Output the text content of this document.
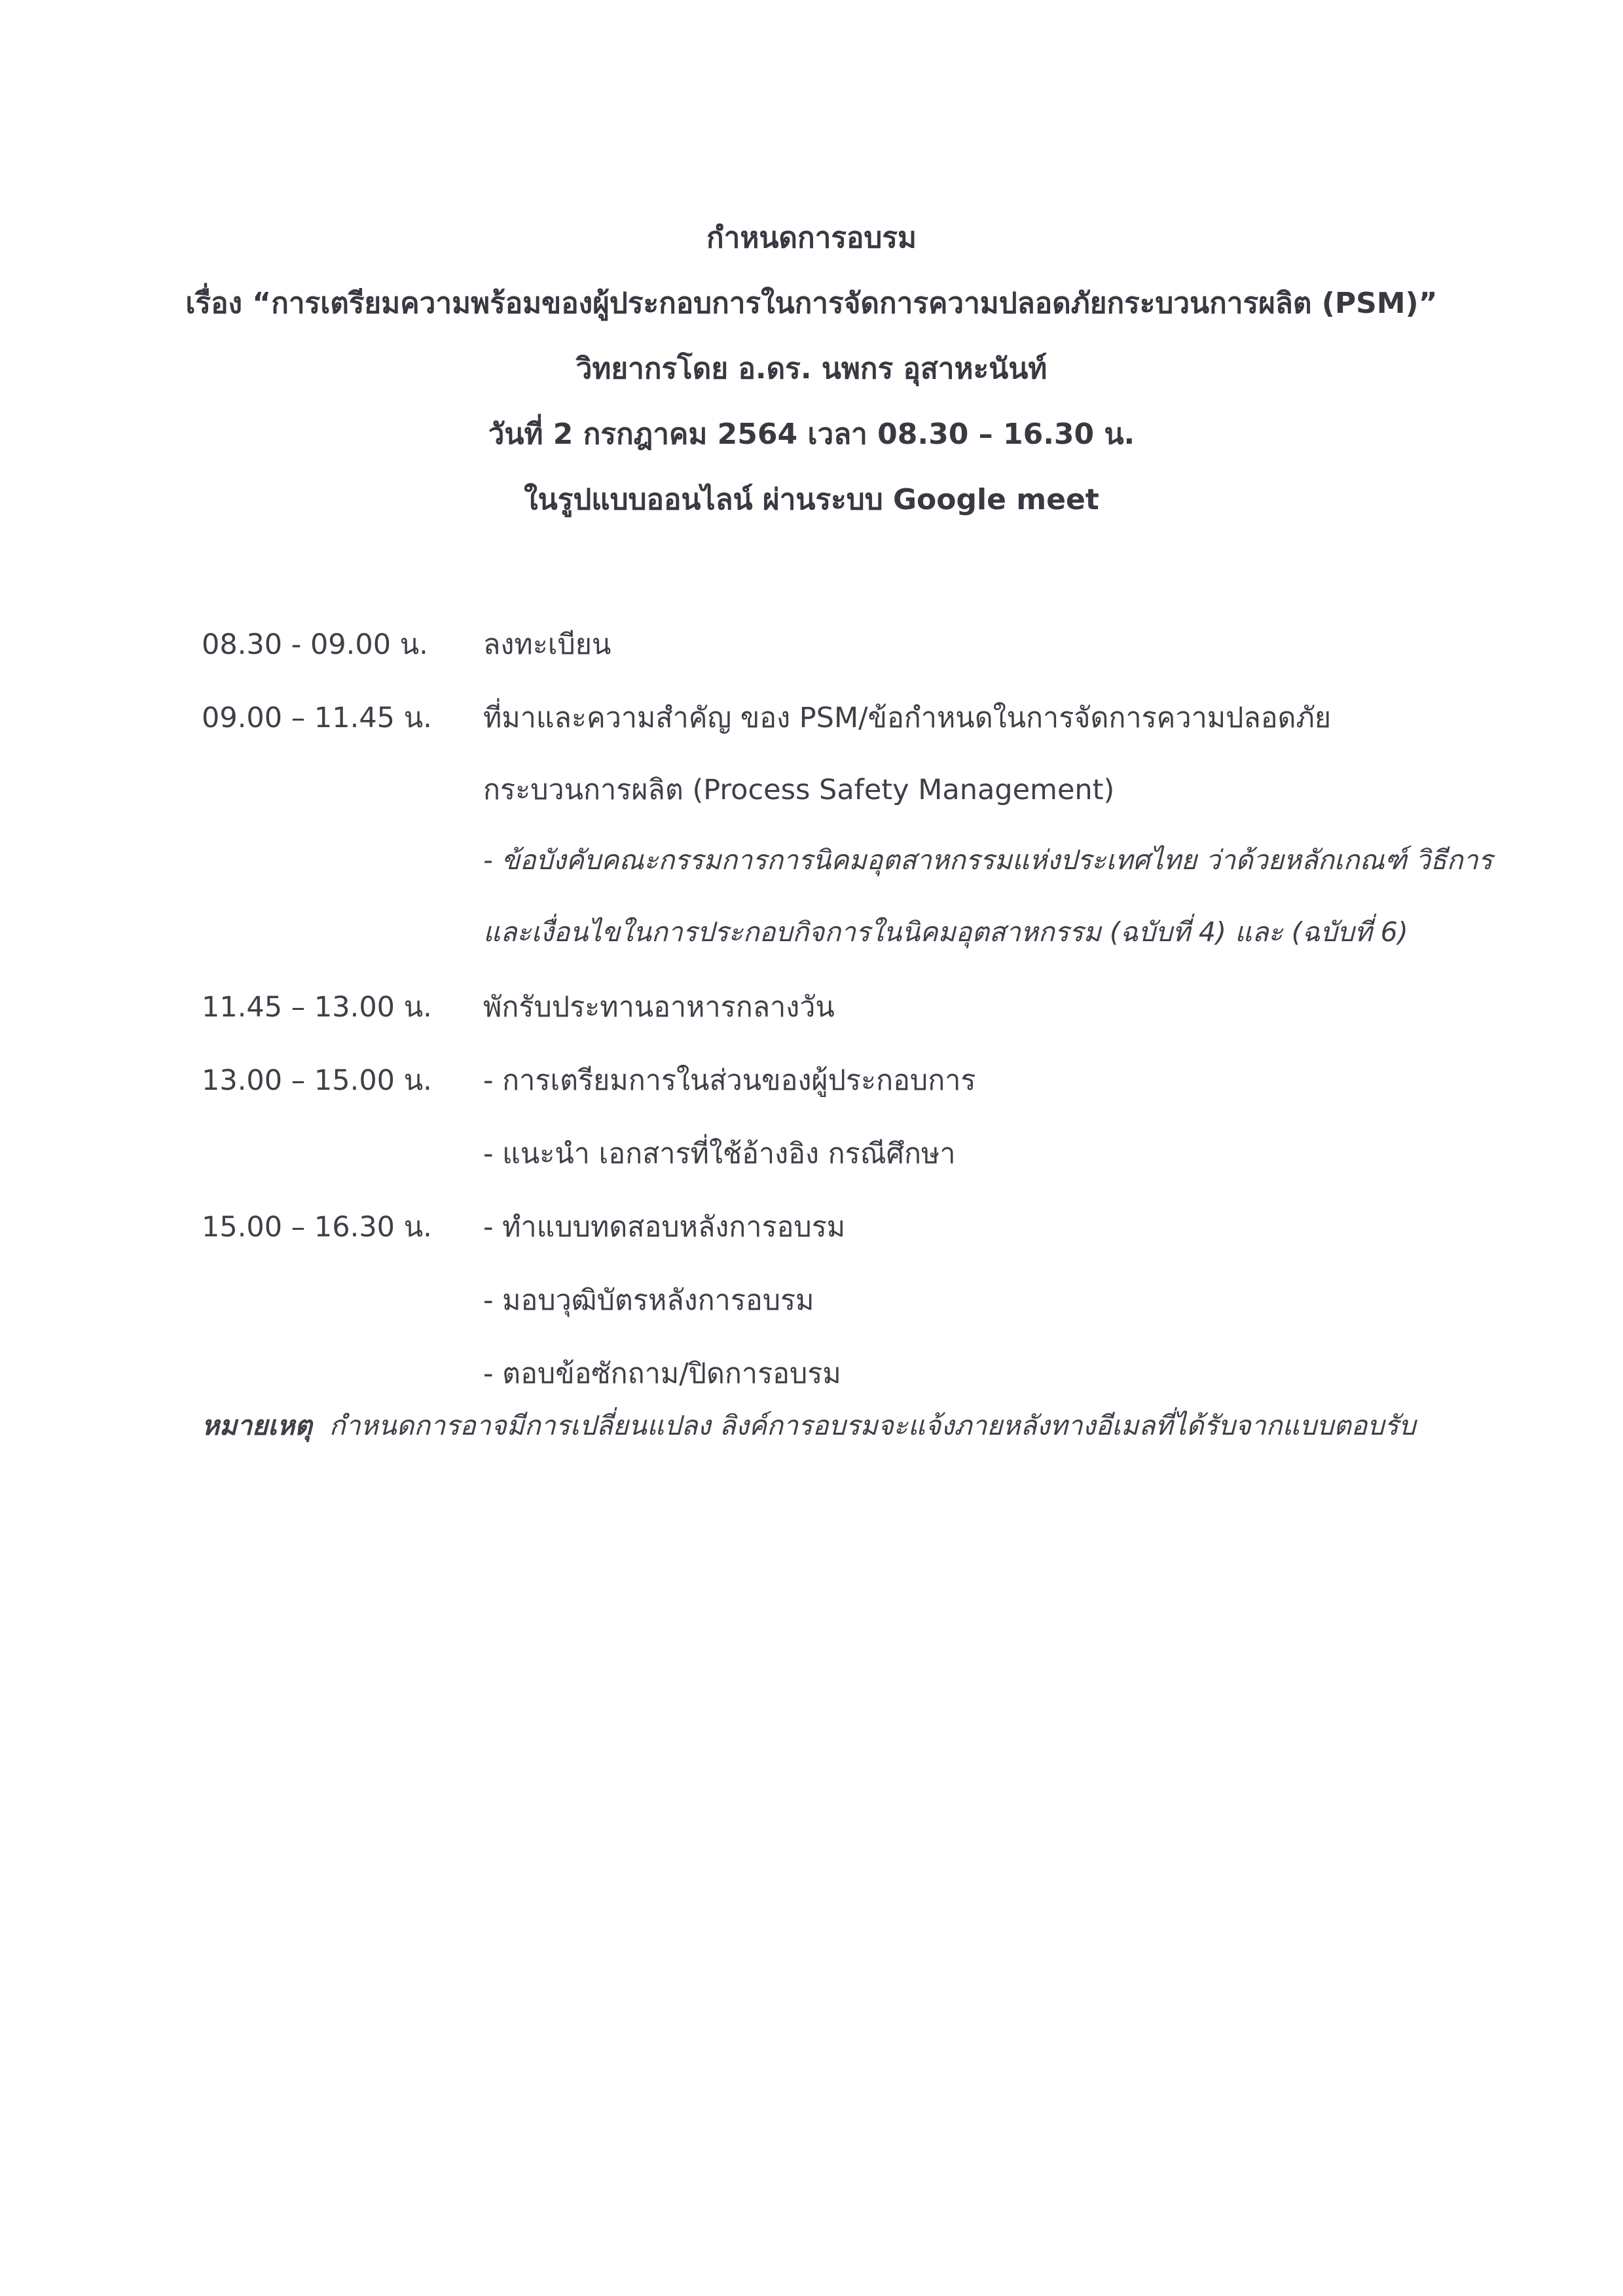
กำหนดการอบรม
เรื่อง “การเตรียมความพร้อมของผู้ประกอบการในการจัดการความปลอดภัยกระบวนการผลิต (PSM)”
วิทยากรโดย อ.ดร. นพกร อุสาหะนันท์
วันที่ 2 กรกฎาคม 2564 เวลา 08.30 – 16.30 น.
ในรูปแบบออนไลน์ ผ่านระบบ Google meet
08.30 - 09.00 น. ลงทะเบียน
09.00 – 11.45 น. ที่มาและความสำคัญ ของ PSM/ข้อกำหนดในการจัดการความปลอดภัย
กระบวนการผลิต (Process Safety Management)
- ข้อบังคับคณะกรรมการการนิคมอุตสาหกรรมแห่งประเทศไทย ว่าด้วยหลักเกณฑ์ วิธีการ
และเงื่อนไขในการประกอบกิจการในนิคมอุตสาหกรรม (ฉบับที่ 4) และ (ฉบับที่ 6)
11.45 – 13.00 น. พักรับประทานอาหารกลางวัน
13.00 – 15.00 น. - การเตรียมการในส่วนของผู้ประกอบการ
- แนะนำ เอกสารที่ใช้อ้างอิง กรณีศึกษา
15.00 – 16.30 น. - ทำแบบทดสอบหลังการอบรม
- มอบวุฒิบัตรหลังการอบรม
- ตอบข้อซักถาม/ปิดการอบรม
หมายเหตุ กำหนดการอาจมีการเปลี่ยนแปลง ลิงค์การอบรมจะแจ้งภายหลังทางอีเมลที่ได้รับจากแบบตอบรับ
